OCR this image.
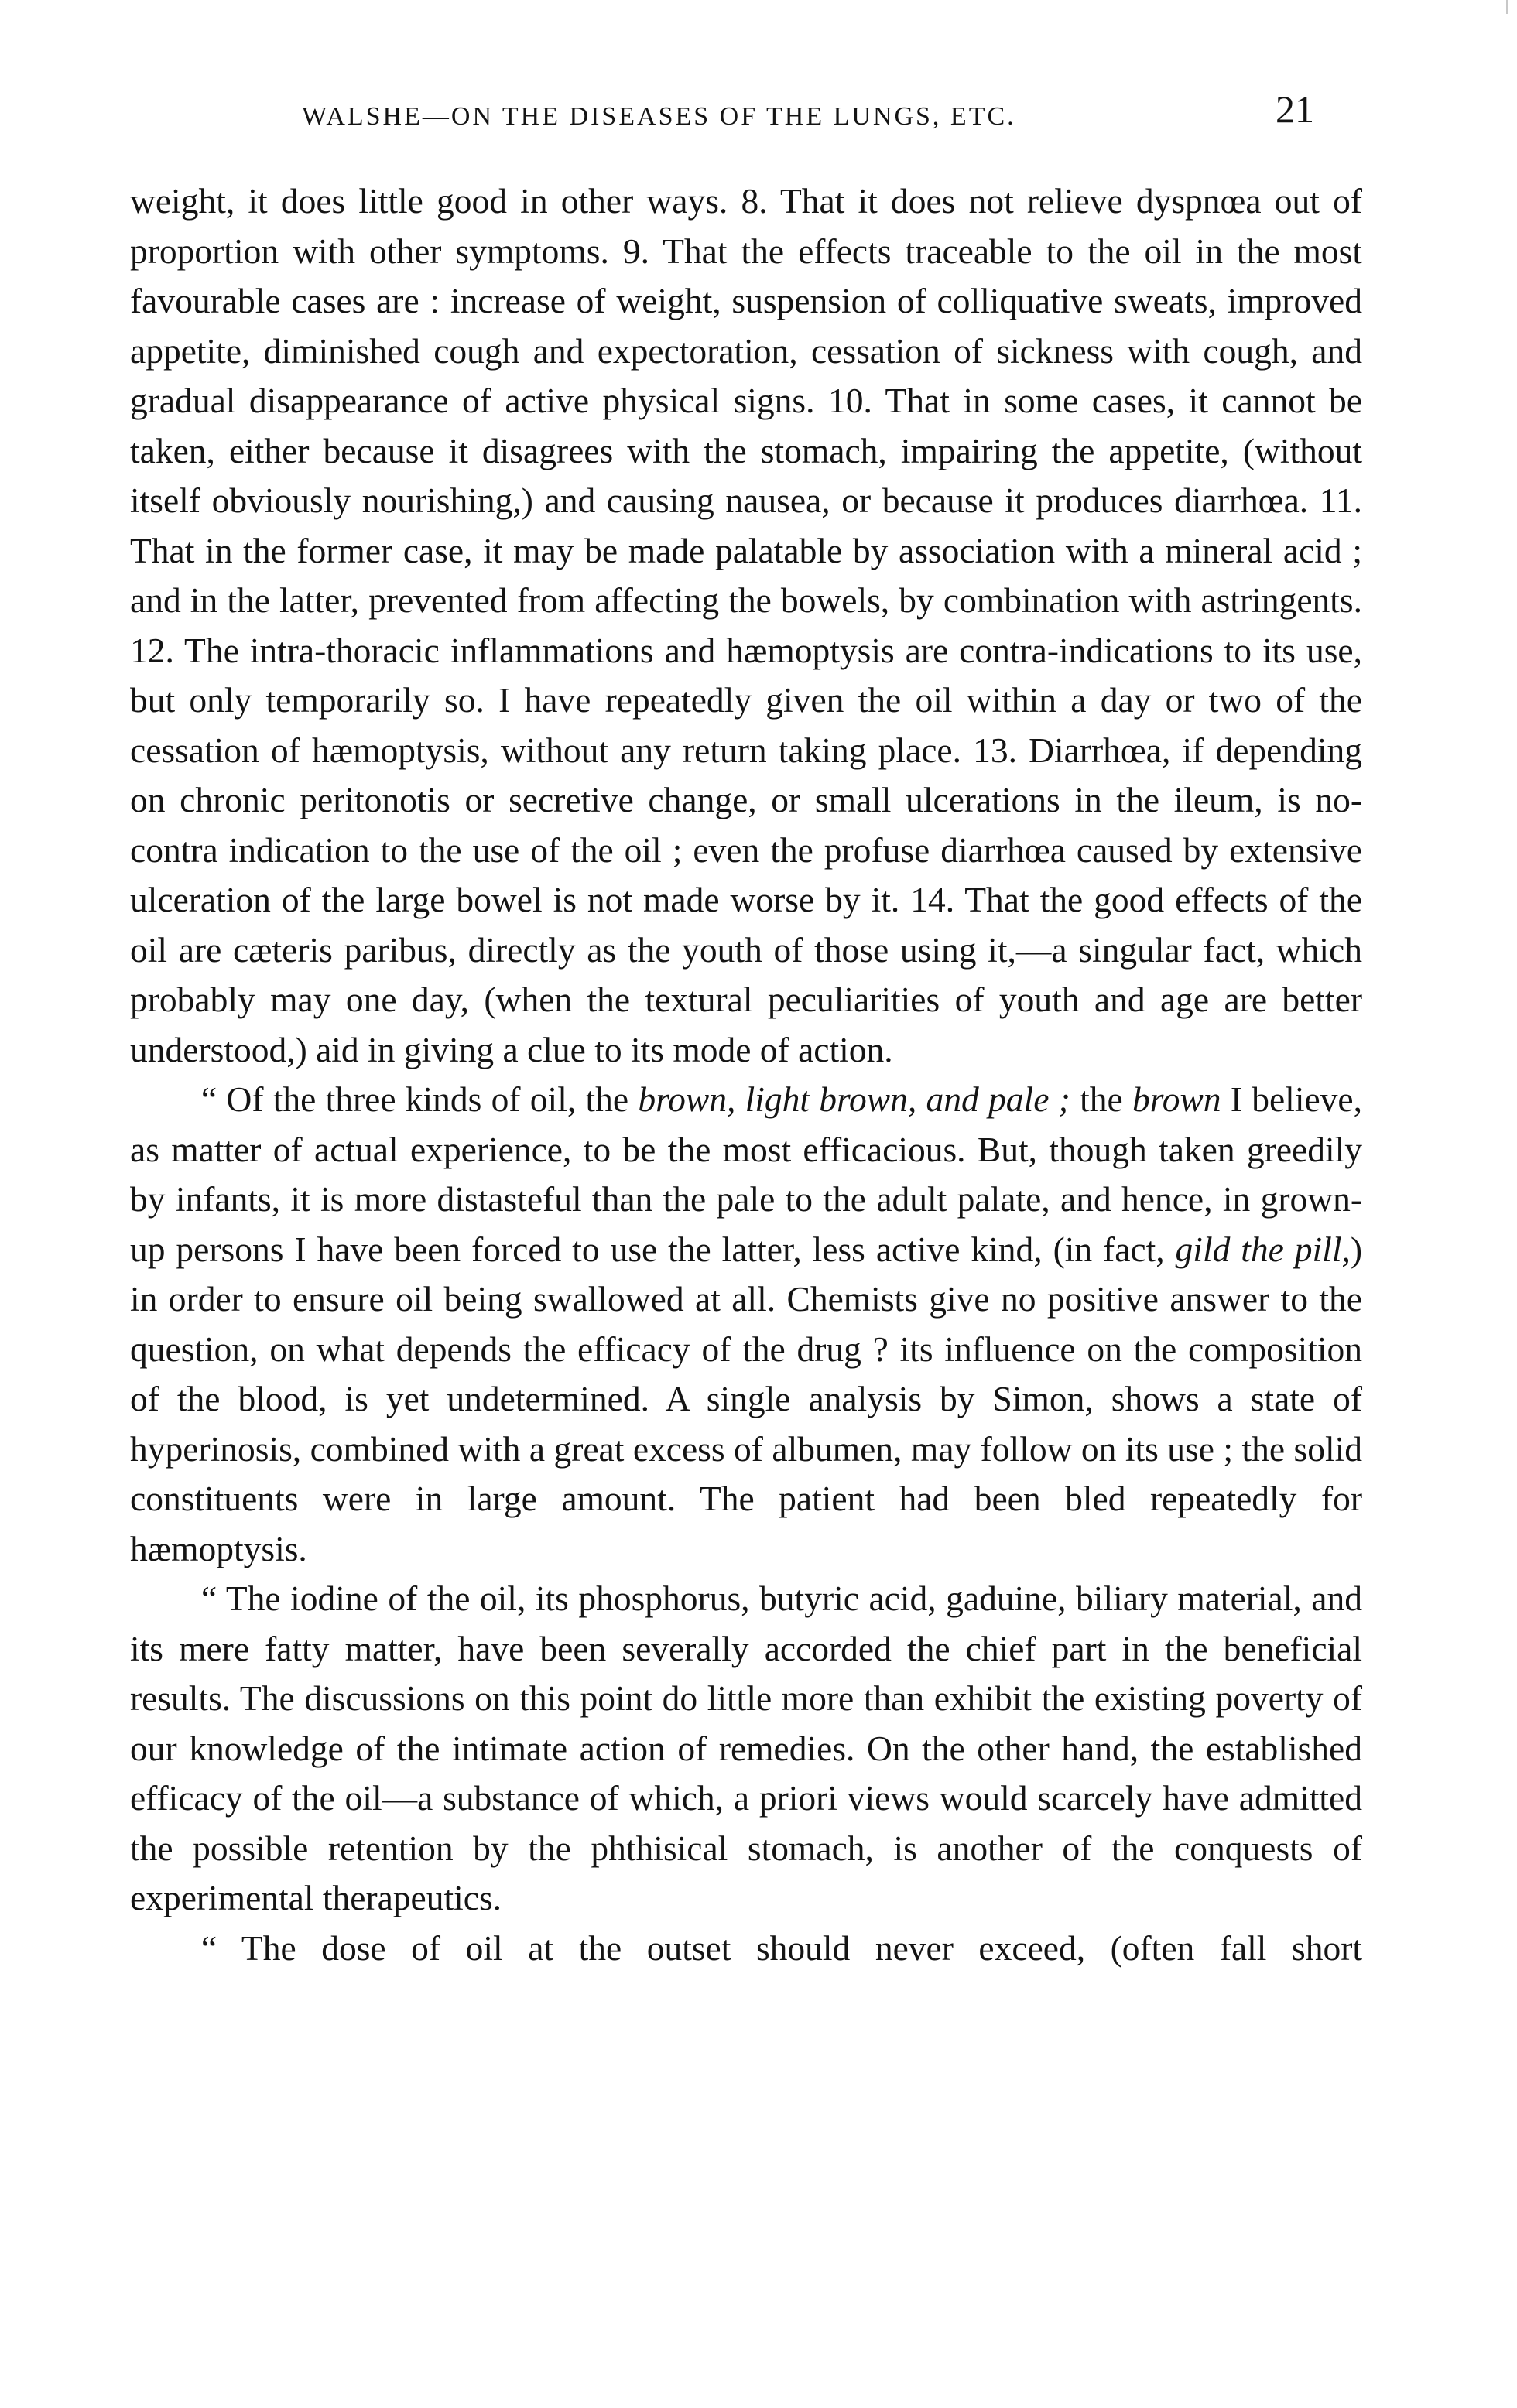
WALSHE—ON THE DISEASES OF THE LUNGS, ETC.	21

weight, it does little good in other ways. 8. That it does not relieve dyspnœa out of proportion with other symptoms. 9. That the effects traceable to the oil in the most favourable cases are : increase of weight, suspension of colliquative sweats, improved appetite, diminished cough and expectoration, cessation of sickness with cough, and gradual disappearance of active physical signs. 10. That in some cases, it cannot be taken, either because it disagrees with the stomach, impairing the appetite, (without itself obviously nourishing,) and causing nausea, or because it produces diarrhœa. 11. That in the former case, it may be made palatable by association with a mineral acid ; and in the latter, prevented from affecting the bowels, by combination with astringents. 12. The intra-thoracic inflammations and hæmoptysis are contra-indications to its use, but only temporarily so. I have repeatedly given the oil within a day or two of the cessation of hæmoptysis, without any return taking place. 13. Diarrhœa, if depending on chronic peritonotis or secretive change, or small ulcerations in the ileum, is no-contra indication to the use of the oil ; even the profuse diarrhœa caused by extensive ulceration of the large bowel is not made worse by it. 14. That the good effects of the oil are cæteris paribus, directly as the youth of those using it,—a singular fact, which probably may one day, (when the textural peculiarities of youth and age are better understood,) aid in giving a clue to its mode of action.

“ Of the three kinds of oil, the brown, light brown, and pale ; the brown I believe, as matter of actual experience, to be the most efficacious. But, though taken greedily by infants, it is more distasteful than the pale to the adult palate, and hence, in grown-up persons I have been forced to use the latter, less active kind, (in fact, gild the pill,) in order to ensure oil being swallowed at all. Chemists give no positive answer to the question, on what depends the efficacy of the drug ? its influence on the composition of the blood, is yet undetermined. A single analysis by Simon, shows a state of hyperinosis, combined with a great excess of albumen, may follow on its use ; the solid constituents were in large amount. The patient had been bled repeatedly for hæmoptysis.

“ The iodine of the oil, its phosphorus, butyric acid, gaduine, biliary material, and its mere fatty matter, have been severally accorded the chief part in the beneficial results. The discussions on this point do little more than exhibit the existing poverty of our knowledge of the intimate action of remedies. On the other hand, the established efficacy of the oil—a substance of which, a priori views would scarcely have admitted the possible retention by the phthisical stomach, is another of the conquests of experimental therapeutics.

“ The dose of oil at the outset should never exceed, (often fall short
